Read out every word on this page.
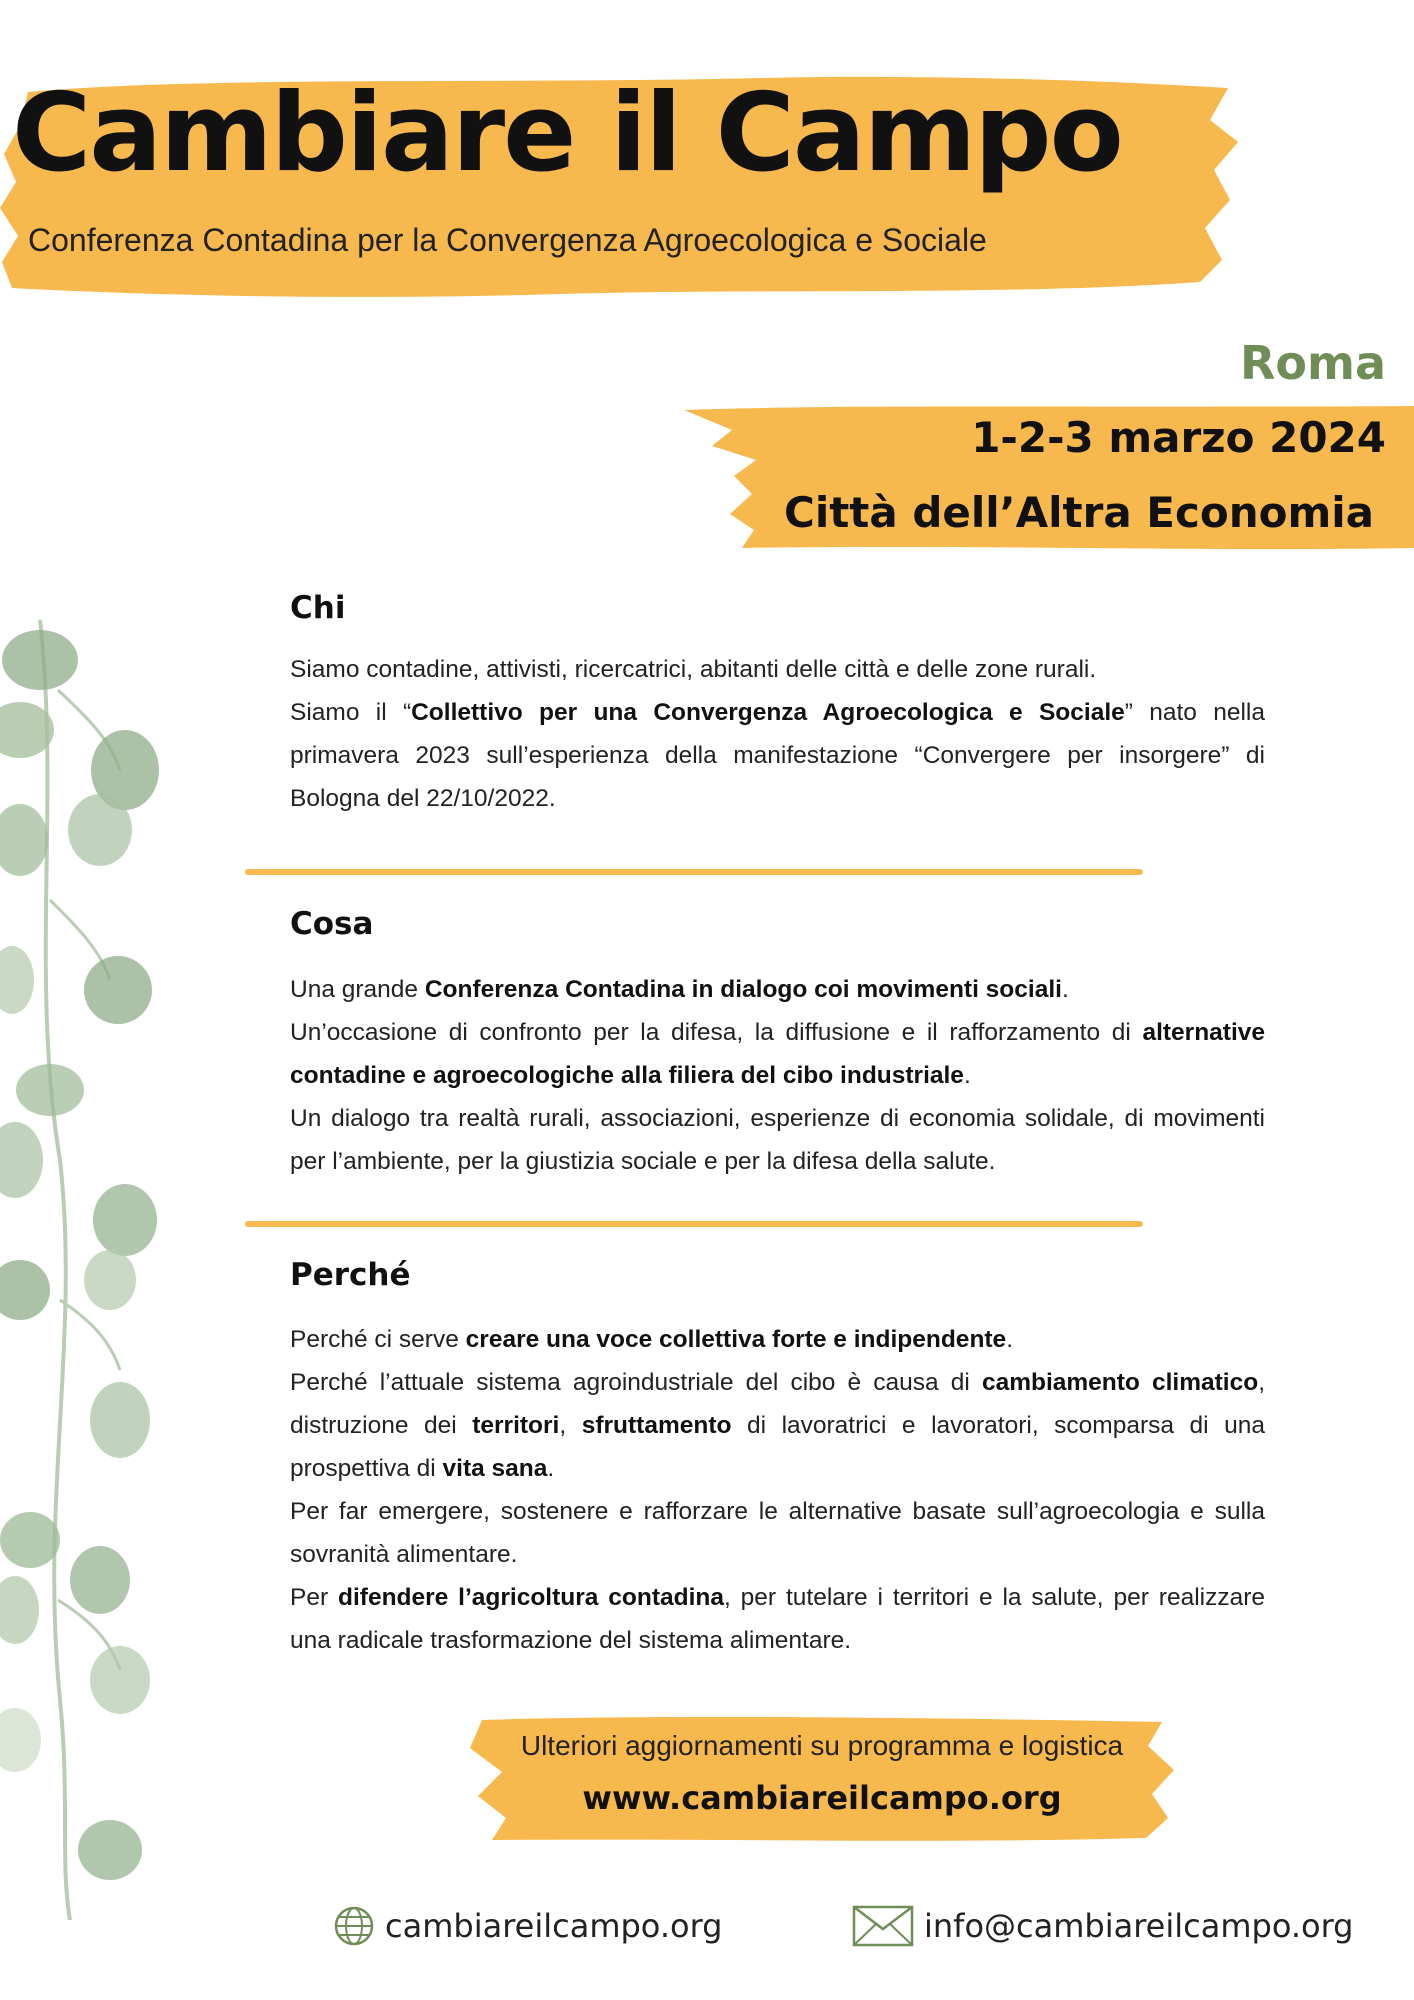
Cambiare il Campo

Conferenza Contadina per la Convergenza Agroecologica e Sociale

Roma
1-2-3 marzo 2024
Città dell’Altra Economia
Chi
Siamo contadine, attivisti, ricercatrici, abitanti delle città e delle zone rurali.
Siamo il “Collettivo per una Convergenza Agroecologica e Sociale” nato nella primavera 2023 sull’esperienza della manifestazione “Convergere per insorgere” di Bologna del 22/10/2022.
Cosa
Una grande Conferenza Contadina in dialogo coi movimenti sociali.
Un’occasione di confronto per la difesa, la diffusione e il rafforzamento di alternative contadine e agroecologiche alla filiera del cibo industriale.
Un dialogo tra realtà rurali, associazioni, esperienze di economia solidale, di movimenti per l’ambiente, per la giustizia sociale e per la difesa della salute.
Perché
Perché ci serve creare una voce collettiva forte e indipendente.
Perché l’attuale sistema agroindustriale del cibo è causa di cambiamento climatico, distruzione dei territori, sfruttamento di lavoratrici e lavoratori, scomparsa di una prospettiva di vita sana.
Per far emergere, sostenere e rafforzare le alternative basate sull’agroecologia e sulla sovranità alimentare.
Per difendere l’agricoltura contadina, per tutelare i territori e la salute, per realizzare una radicale trasformazione del sistema alimentare.
Ulteriori aggiornamenti su programma e logistica
www.cambiareilcampo.org
cambiareilcampo.org	info@cambiareilcampo.org
